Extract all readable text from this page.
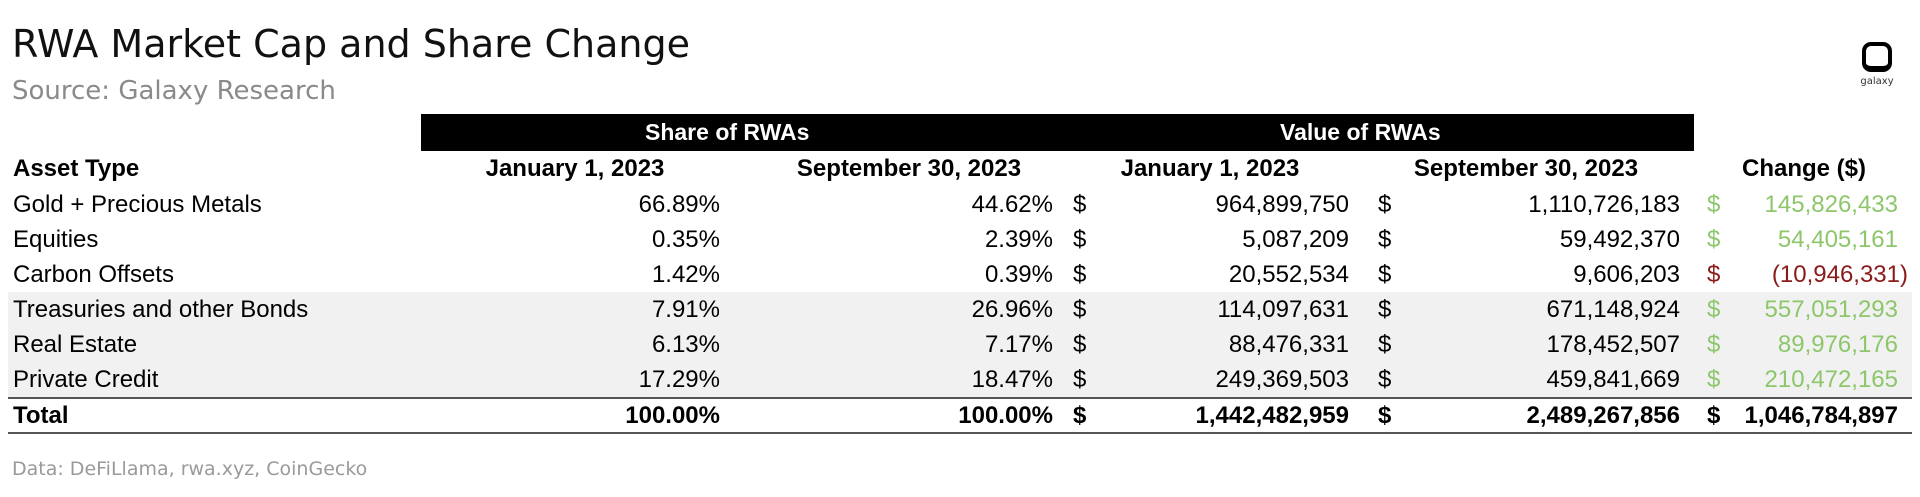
RWA Market Cap and Share Change
Source: Galaxy Research	galaxy
Share of RWAs	Value of RWAs
Asset Type	January 1, 2023	September 30, 2023	January 1, 2023	September 30, 2023	Change ($)
Gold + Precious Metals	66.89%	44.62% $	964,899,750 $	1,110,726,183 $ 145,826,433
Equities	0.35%	2.39% $	5,087,209 $	59,492,370 $ 54,405,161
Carbon Offsets	1.42%	0.39% $	20,552,534 $	9,606,203 $ (10,946,331)
Treasuries and other Bonds	7.91%	26.96% $	114,097,631 $	671,148,924 $ 557,051,293
Real Estate	6.13%	7.17% $	88,476,331 $	178,452,507 $ 89,976,176
Private Credit	17.29%	18.47% $	249,369,503 $	459,841,669 $ 210,472,165
Total	100.00%	100.00% $	1,442,482,959 $	2,489,267,856 $ 1,046,784,897
Data: DeFiLlama, rwa.xyz, CoinGecko
